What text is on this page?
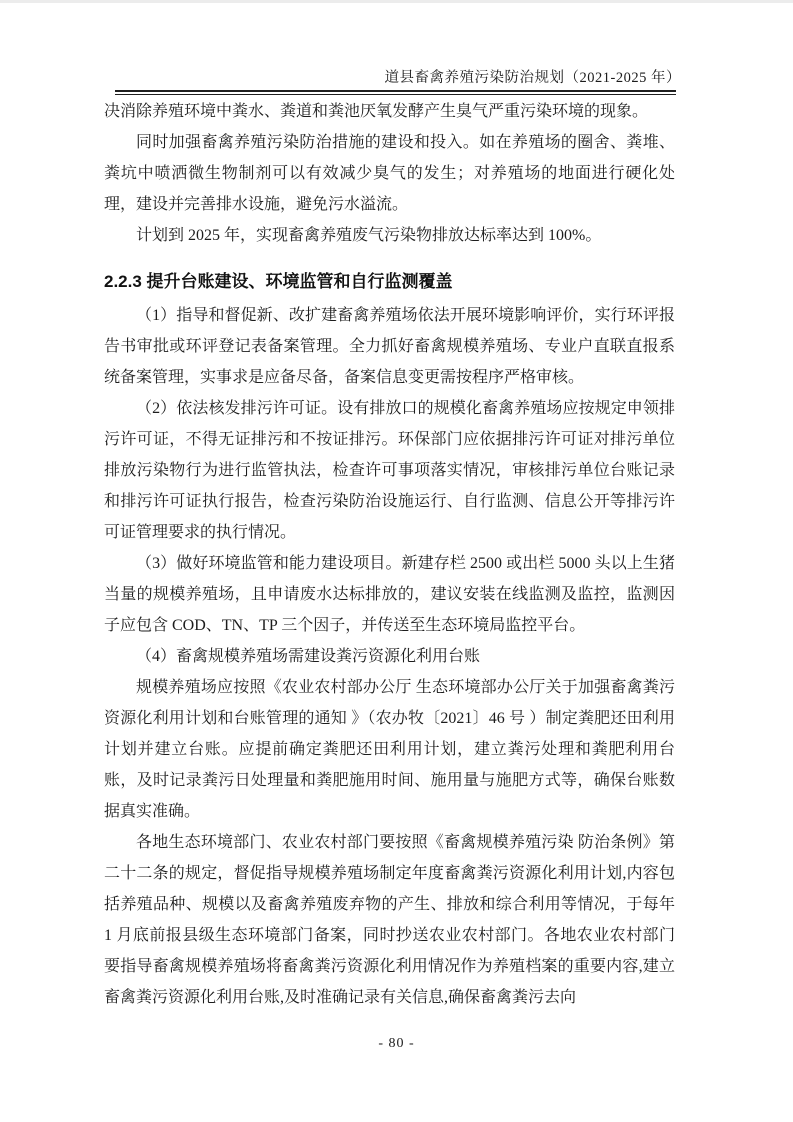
道县畜禽养殖污染防治规划（2021-2025 年）

决消除养殖环境中粪水、粪道和粪池厌氧发酵产生臭气严重污染环境的现象。

同时加强畜禽养殖污染防治措施的建设和投入。如在养殖场的圈舍、粪堆、粪坑中喷洒微生物制剂可以有效减少臭气的发生；对养殖场的地面进行硬化处理，建设并完善排水设施，避免污水溢流。

计划到 2025 年，实现畜禽养殖废气污染物排放达标率达到 100%。

2.2.3 提升台账建设、环境监管和自行监测覆盖

（1）指导和督促新、改扩建畜禽养殖场依法开展环境影响评价，实行环评报告书审批或环评登记表备案管理。全力抓好畜禽规模养殖场、专业户直联直报系统备案管理，实事求是应备尽备，备案信息变更需按程序严格审核。

（2）依法核发排污许可证。设有排放口的规模化畜禽养殖场应按规定申领排污许可证，不得无证排污和不按证排污。环保部门应依据排污许可证对排污单位排放污染物行为进行监管执法，检查许可事项落实情况，审核排污单位台账记录和排污许可证执行报告，检查污染防治设施运行、自行监测、信息公开等排污许可证管理要求的执行情况。

（3）做好环境监管和能力建设项目。新建存栏 2500 或出栏 5000 头以上生猪当量的规模养殖场，且申请废水达标排放的，建议安装在线监测及监控，监测因子应包含 COD、TN、TP 三个因子，并传送至生态环境局监控平台。

（4）畜禽规模养殖场需建设粪污资源化利用台账

规模养殖场应按照《农业农村部办公厅 生态环境部办公厅关于加强畜禽粪污资源化利用计划和台账管理的通知 》（农办牧〔2021〕46 号 ）制定粪肥还田利用计划并建立台账。应提前确定粪肥还田利用计划，建立粪污处理和粪肥利用台账，及时记录粪污日处理量和粪肥施用时间、施用量与施肥方式等，确保台账数据真实准确。

各地生态环境部门、农业农村部门要按照《畜禽规模养殖污染 防治条例》第二十二条的规定，督促指导规模养殖场制定年度畜禽粪污资源化利用计划,内容包括养殖品种、规模以及畜禽养殖废弃物的产生、排放和综合利用等情况，于每年 1 月底前报县级生态环境部门备案，同时抄送农业农村部门。各地农业农村部门要指导畜禽规模养殖场将畜禽粪污资源化利用情况作为养殖档案的重要内容,建立畜禽粪污资源化利用台账,及时准确记录有关信息,确保畜禽粪污去向

- 80 -
